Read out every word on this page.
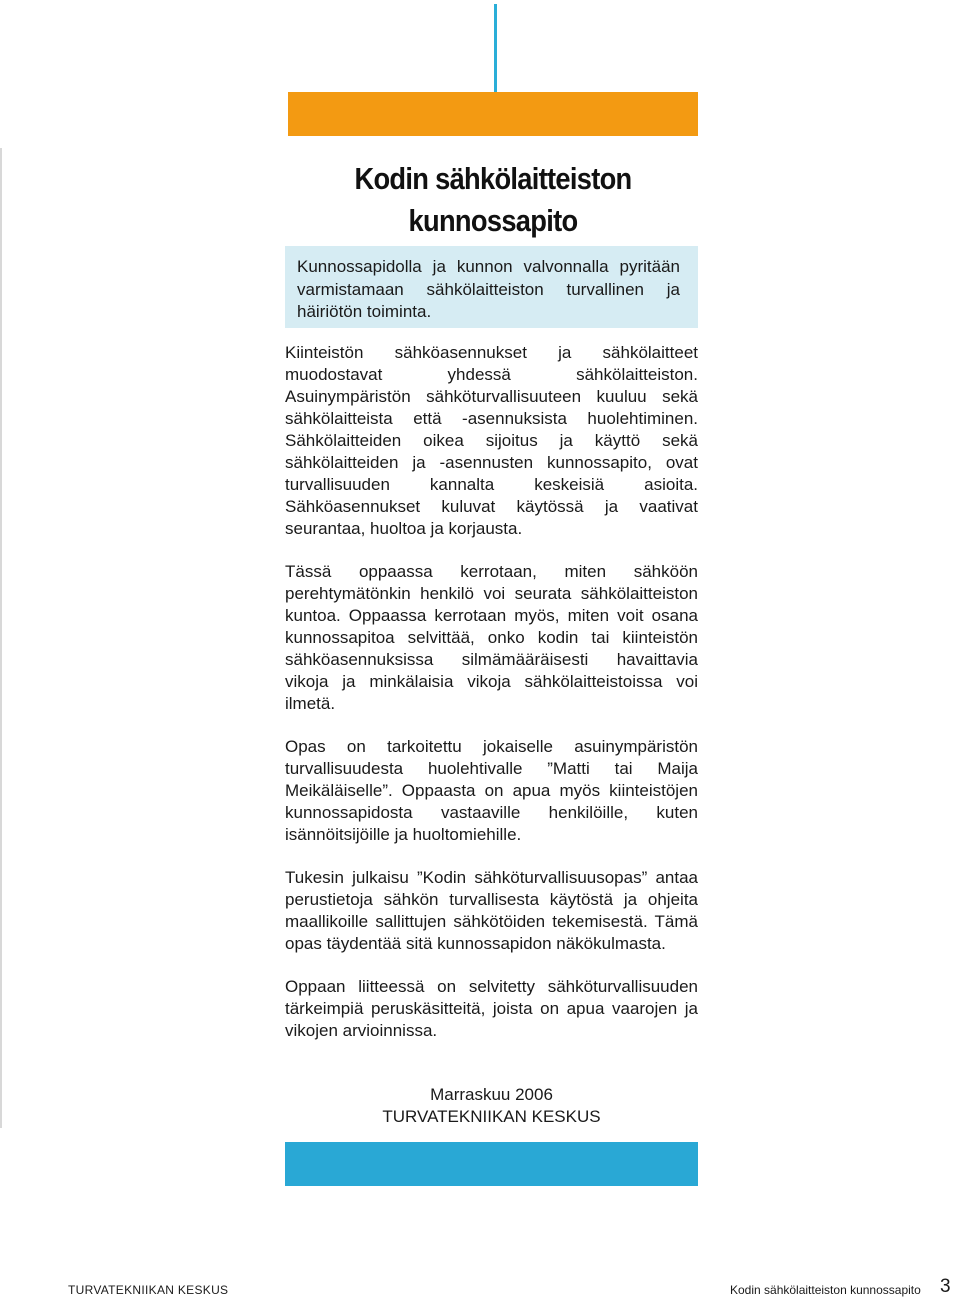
Kodin sähkölaitteiston
kunnossapito

Kunnossapidolla ja kunnon valvonnalla pyritään varmistamaan sähkölaitteiston turvallinen ja häiriötön toiminta.

Kiinteistön sähköasennukset ja sähkölaitteet muodostavat yhdessä sähkölaitteiston. Asuinympäristön sähköturvallisuuteen kuuluu sekä sähkölaitteista että -asennuksista huolehtiminen. Sähkölaitteiden oikea sijoitus ja käyttö sekä sähkölaitteiden ja -asennusten kunnossapito, ovat turvallisuuden kannalta keskeisiä asioita. Sähköasennukset kuluvat käytössä ja vaativat seurantaa, huoltoa ja korjausta.

Tässä oppaassa kerrotaan, miten sähköön perehtymätönkin henkilö voi seurata sähkölaitteiston kuntoa. Oppaassa kerrotaan myös, miten voit osana kunnossapitoa selvittää, onko kodin tai kiinteistön sähköasennuksissa silmämääräisesti havaittavia vikoja ja minkälaisia vikoja sähkölaitteistoissa voi ilmetä.

Opas on tarkoitettu jokaiselle asuinympäristön turvallisuudesta huolehtivalle ”Matti tai Maija Meikäläiselle”. Oppaasta on apua myös kiinteistöjen kunnossapidosta vastaaville henkilöille, kuten isännöitsijöille ja huoltomiehille.

Tukesin julkaisu ”Kodin sähköturvallisuusopas” antaa perustietoja sähkön turvallisesta käytöstä ja ohjeita maallikoille sallittujen sähkötöiden tekemisestä. Tämä opas täydentää sitä kunnossapidon näkökulmasta.

Oppaan liitteessä on selvitetty sähköturvallisuuden tärkeimpiä peruskäsitteitä, joista on apua vaarojen ja vikojen arvioinnissa.

Marraskuu 2006
TURVATEKNIIKAN KESKUS
TURVATEKNIIKAN KESKUS	Kodin sähkölaitteiston kunnossapito 3
